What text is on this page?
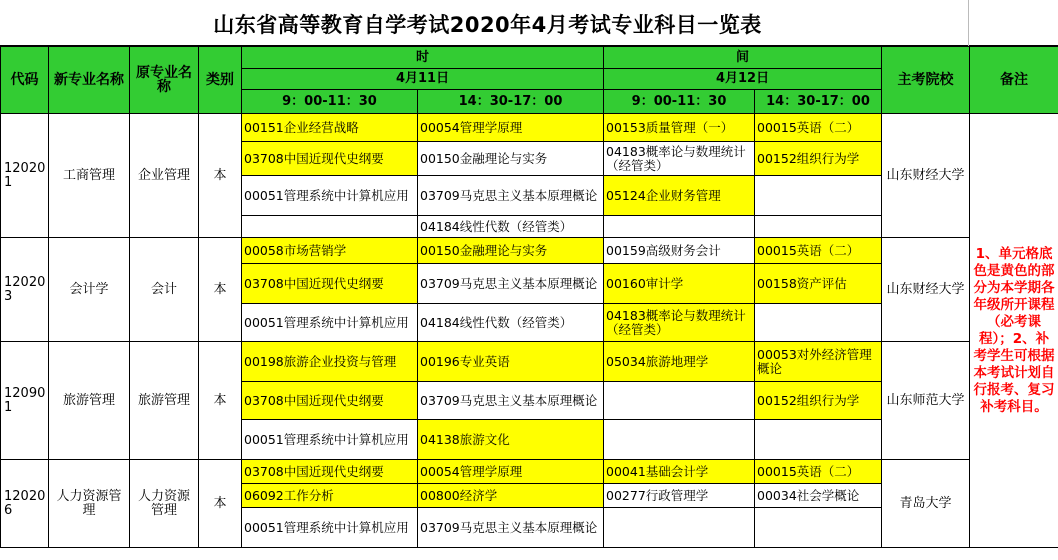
山东省高等教育自学考试2020年4月考试专业科目一览表
代码	新专业名称	原专业名称	类别	时		间		主考院校	备注
				4月11日		4月12日			
				9：00-11：30	14：30-17：00	9：00-11：30	14：30-17：00		
120201	工商管理	企业管理	本	00151企业经营战略	00054管理学原理	00153质量管理（一）	00015英语（二）	山东财经大学	1、单元格底色是黄色的部分为本学期各年级所开课程（必考课程）；2、补考学生可根据本考试计划自行报考、复习补考科目。
				03708中国近现代史纲要	00150金融理论与实务	04183概率论与数理统计（经管类）	00152组织行为学		
				00051管理系统中计算机应用	03709马克思主义基本原理概论	05124企业财务管理			
					04184线性代数（经管类）				
120203	会计学	会计	本	00058市场营销学	00150金融理论与实务	00159高级财务会计	00015英语（二）	山东财经大学	
				03708中国近现代史纲要	03709马克思主义基本原理概论	00160审计学	00158资产评估		
				00051管理系统中计算机应用	04184线性代数（经管类）	04183概率论与数理统计（经管类）			
120901	旅游管理	旅游管理	本	00198旅游企业投资与管理	00196专业英语	05034旅游地理学	00053对外经济管理概论	山东师范大学	
				03708中国近现代史纲要	03709马克思主义基本原理概论		00152组织行为学		
				00051管理系统中计算机应用	04138旅游文化				
120206	人力资源管理	人力资源管理	本	03708中国近现代史纲要	00054管理学原理	00041基础会计学	00015英语（二）	青岛大学	
				06092工作分析	00800经济学	00277行政管理学	00034社会学概论		
				00051管理系统中计算机应用	03709马克思主义基本原理概论				
